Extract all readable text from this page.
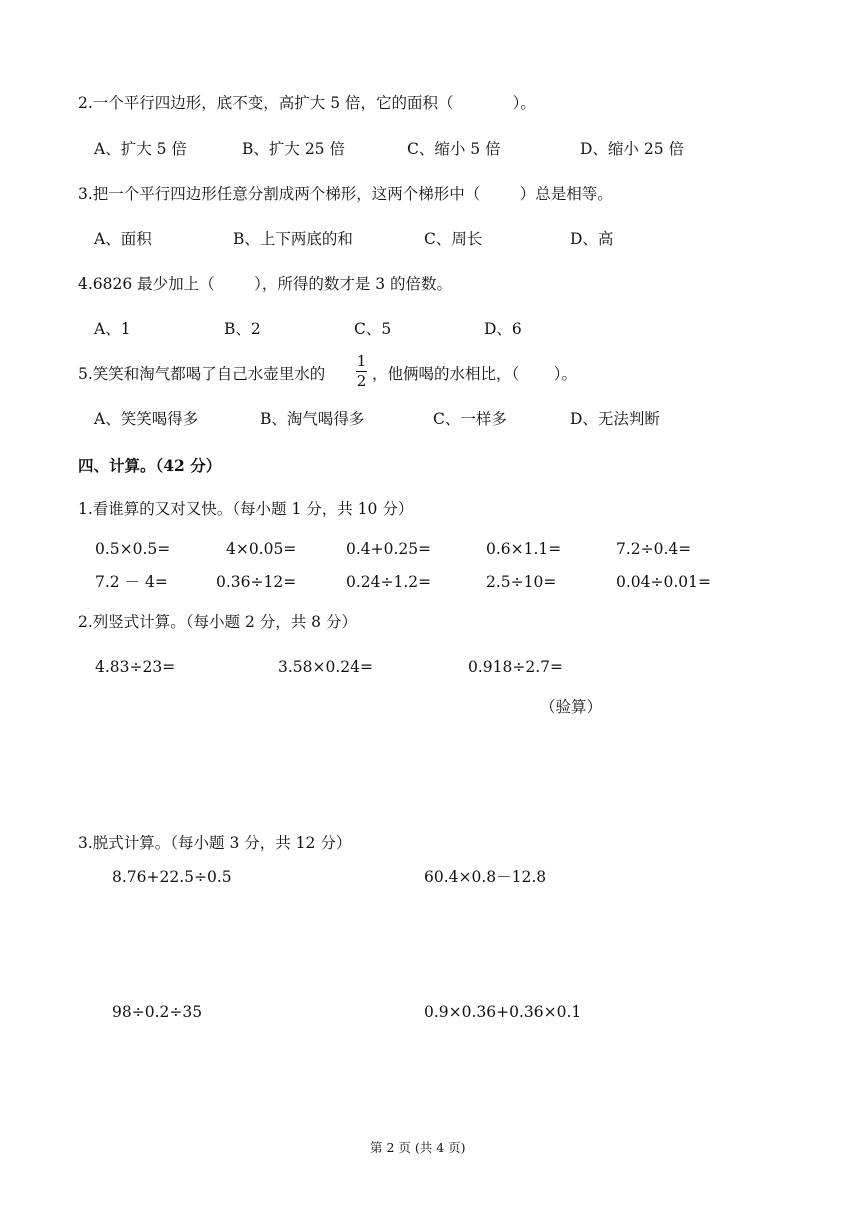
2.一个平行四边形，底不变，高扩大 5 倍，它的面积（            ）。
A、扩大 5 倍	B、扩大 25 倍	C、缩小 5 倍	D、缩小 25 倍
3.把一个平行四边形任意分割成两个梯形，这两个梯形中（        ）总是相等。
A、面积	B、上下两底的和	C、周长	D、高
4.6826 最少加上（        ），所得的数才是 3 的倍数。
A、1	B、2	C、5	D、6
5.笑笑和淘气都喝了自己水壶里水的
1
2 ，他俩喝的水相比，（       ）。
A、笑笑喝得多	B、淘气喝得多	C、一样多	D、无法判断
四、计算。（42 分）
1.看谁算的又对又快。（每小题 1 分，共 10 分）
0.5×0.5=	4×0.05=	0.4+0.25=	0.6×1.1=	7.2÷0.4=
7.2 － 4=	0.36÷12=	0.24÷1.2=	2.5÷10=	0.04÷0.01=
2.列竖式计算。（每小题 2 分，共 8 分）
4.83÷23=	3.58×0.24=	0.918÷2.7=
（验算）
3.脱式计算。（每小题 3 分，共 12 分）
8.76+22.5÷0.5	60.4×0.8－12.8
98÷0.2÷35	0.9×0.36+0.36×0.1
第 2 页 (共 4 页)
